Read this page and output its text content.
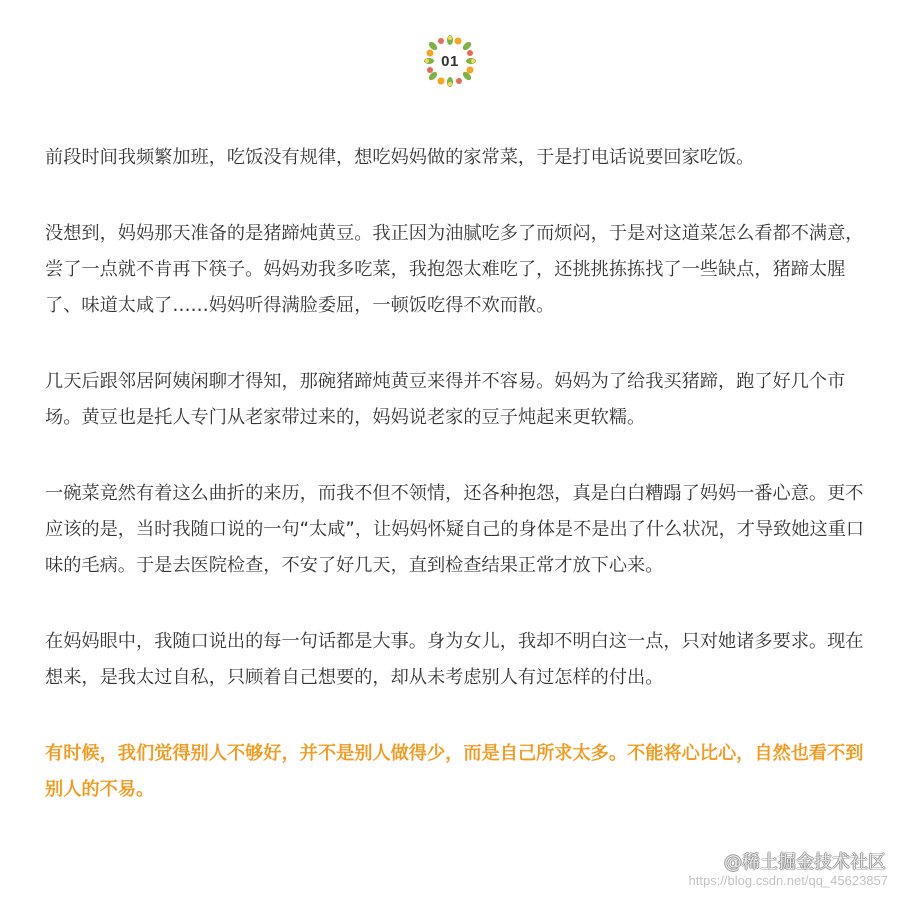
01

前段时间我频繁加班，吃饭没有规律，想吃妈妈做的家常菜，于是打电话说要回家吃饭。

没想到，妈妈那天准备的是猪蹄炖黄豆。我正因为油腻吃多了而烦闷，于是对这道菜怎么看都不满意，尝了一点就不肯再下筷子。妈妈劝我多吃菜，我抱怨太难吃了，还挑挑拣拣找了一些缺点，猪蹄太腥了、味道太咸了……妈妈听得满脸委屈，一顿饭吃得不欢而散。

几天后跟邻居阿姨闲聊才得知，那碗猪蹄炖黄豆来得并不容易。妈妈为了给我买猪蹄，跑了好几个市场。黄豆也是托人专门从老家带过来的，妈妈说老家的豆子炖起来更软糯。

一碗菜竟然有着这么曲折的来历，而我不但不领情，还各种抱怨，真是白白糟蹋了妈妈一番心意。更不应该的是，当时我随口说的一句“太咸”，让妈妈怀疑自己的身体是不是出了什么状况，才导致她这重口味的毛病。于是去医院检查，不安了好几天，直到检查结果正常才放下心来。

在妈妈眼中，我随口说出的每一句话都是大事。身为女儿，我却不明白这一点，只对她诸多要求。现在想来，是我太过自私，只顾着自己想要的，却从未考虑别人有过怎样的付出。

有时候，我们觉得别人不够好，并不是别人做得少，而是自己所求太多。不能将心比心，自然也看不到别人的不易。

@稀土掘金技术社区
https://blog.csdn.net/qq_45623857
